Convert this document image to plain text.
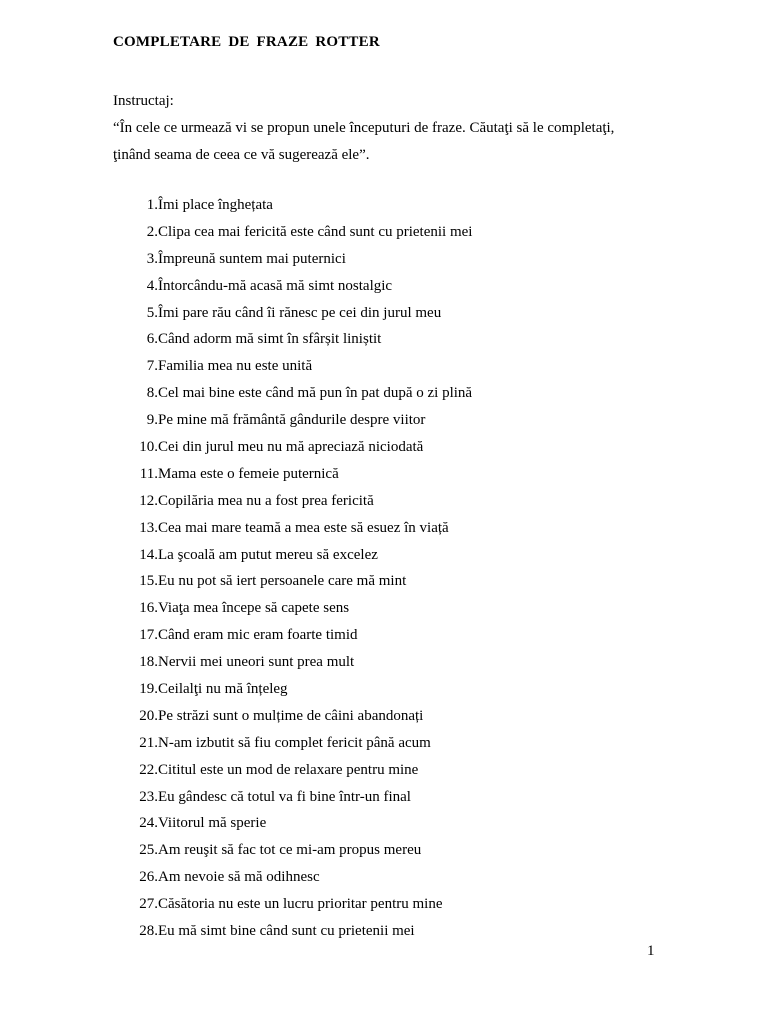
COMPLETARE DE FRAZE ROTTER

Instructaj:

“În cele ce urmează vi se propun unele începuturi de fraze. Căutaţi să le completaţi,

ţinând seama de ceea ce vă sugerează ele”.

1. Îmi place înghețata
2. Clipa cea mai fericită este când sunt cu prietenii mei
3. Împreună suntem mai puternici
4. Întorcându-mă acasă mă simt nostalgic
5. Îmi pare rău când îi rănesc pe cei din jurul meu
6. Când adorm mă simt în sfârșit liniștit
7. Familia mea nu este unită
8. Cel mai bine este când mă pun în pat după o zi plină
9. Pe mine mă frământă gândurile despre viitor
10. Cei din jurul meu nu mă apreciază niciodată
11. Mama este o femeie puternică
12. Copilăria mea nu a fost prea fericită
13. Cea mai mare teamă a mea este să esuez în viață
14. La şcoală am putut mereu să excelez
15. Eu nu pot să iert persoanele care mă mint
16. Viaţa mea începe să capete sens
17. Când eram mic eram foarte timid
18. Nervii mei uneori sunt prea mult
19. Ceilalţi nu mă înțeleg
20. Pe străzi sunt o mulțime de câini abandonați
21. N-am izbutit să fiu complet fericit până acum
22. Cititul este un mod de relaxare pentru mine
23. Eu gândesc că totul va fi bine într-un final
24. Viitorul mă sperie
25. Am reuşit să fac tot ce mi-am propus mereu
26. Am nevoie să mă odihnesc
27. Căsătoria nu este un lucru prioritar pentru mine
28. Eu mă simt bine când sunt cu prietenii mei
1
